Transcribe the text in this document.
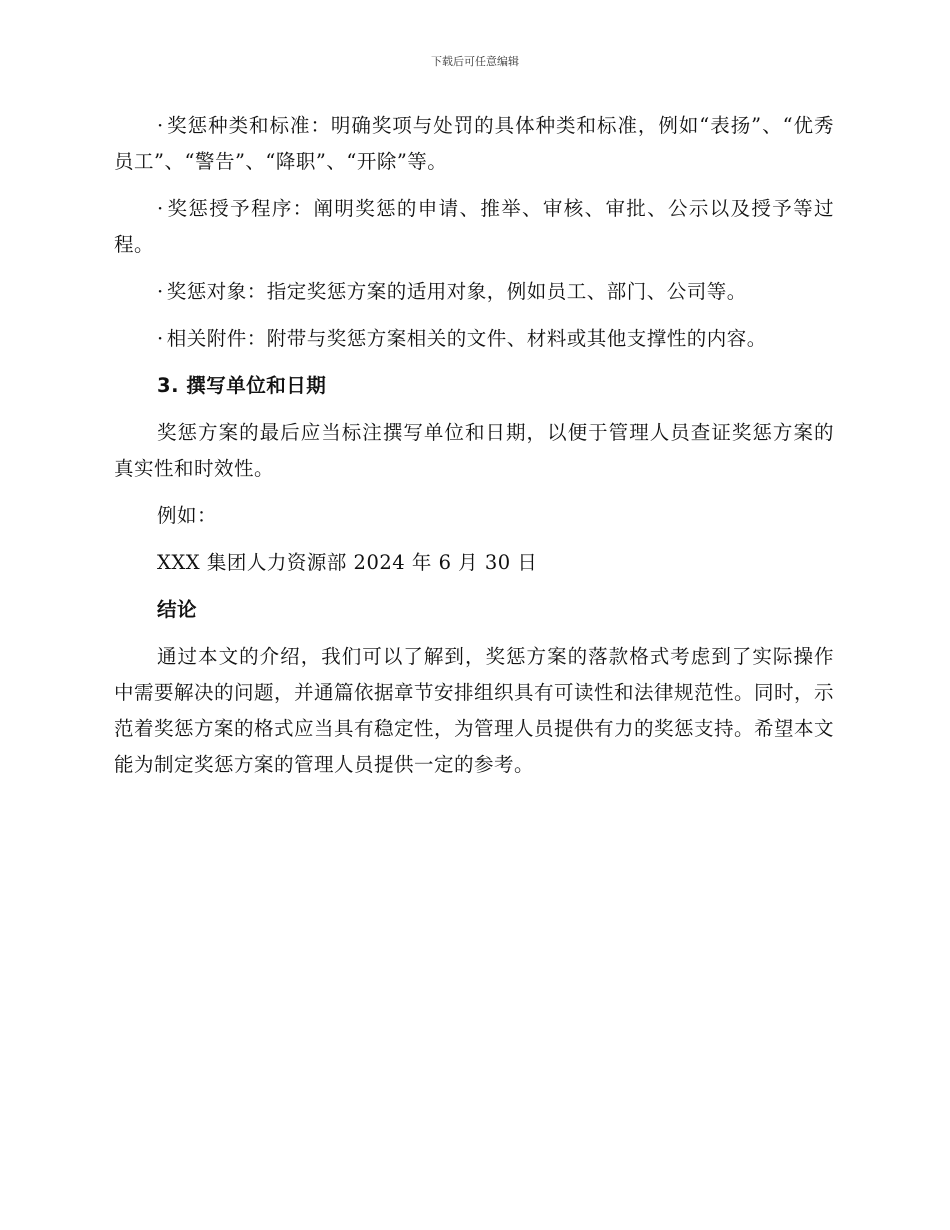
下载后可任意编辑

· 奖惩种类和标准：明确奖项与处罚的具体种类和标准，例如“表扬”、“优秀员工”、“警告”、“降职”、“开除”等。

· 奖惩授予程序：阐明奖惩的申请、推举、审核、审批、公示以及授予等过程。

· 奖惩对象：指定奖惩方案的适用对象，例如员工、部门、公司等。

· 相关附件：附带与奖惩方案相关的文件、材料或其他支撑性的内容。

3. 撰写单位和日期

奖惩方案的最后应当标注撰写单位和日期，以便于管理人员查证奖惩方案的真实性和时效性。

例如：

XXX 集团人力资源部 2024 年 6 月 30 日

结论

通过本文的介绍，我们可以了解到，奖惩方案的落款格式考虑到了实际操作中需要解决的问题，并通篇依据章节安排组织具有可读性和法律规范性。同时，示范着奖惩方案的格式应当具有稳定性，为管理人员提供有力的奖惩支持。希望本文能为制定奖惩方案的管理人员提供一定的参考。
